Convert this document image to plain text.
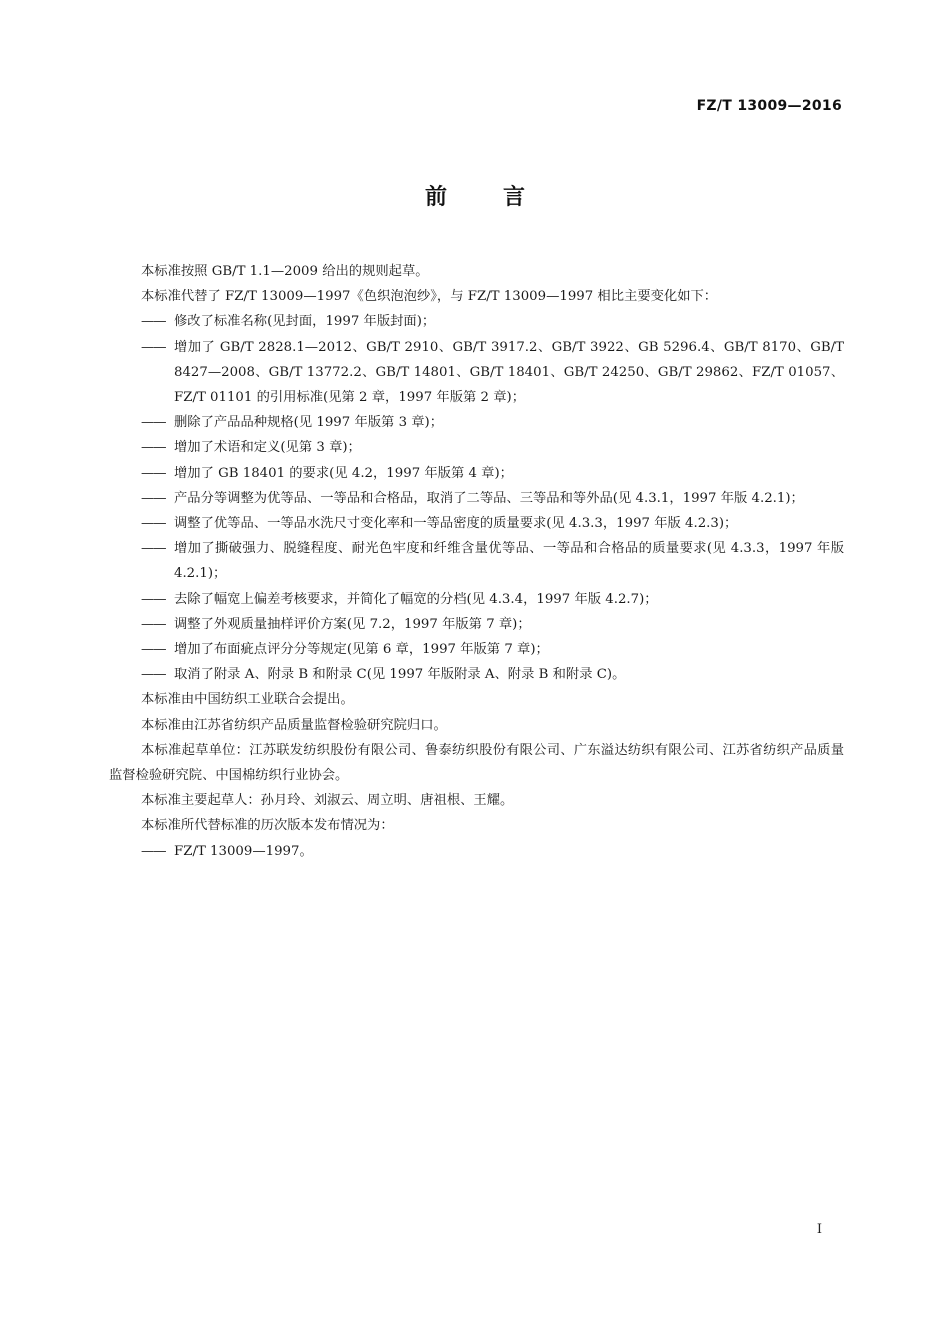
FZ/T 13009—2016
前言
本标准按照 GB/T 1.1—2009 给出的规则起草。
本标准代替了 FZ/T 13009—1997《色织泡泡纱》，与 FZ/T 13009—1997 相比主要变化如下：
—— 修改了标准名称(见封面，1997 年版封面)；
—— 增加了 GB/T 2828.1—2012、GB/T 2910、GB/T 3917.2、GB/T 3922、GB 5296.4、GB/T 8170、GB/T 8427—2008、GB/T 13772.2、GB/T 14801、GB/T 18401、GB/T 24250、GB/T 29862、FZ/T 01057、FZ/T 01101 的引用标准(见第 2 章，1997 年版第 2 章)；
—— 删除了产品品种规格(见 1997 年版第 3 章)；
—— 增加了术语和定义(见第 3 章)；
—— 增加了 GB 18401 的要求(见 4.2，1997 年版第 4 章)；
—— 产品分等调整为优等品、一等品和合格品，取消了二等品、三等品和等外品(见 4.3.1，1997 年版 4.2.1)；
—— 调整了优等品、一等品水洗尺寸变化率和一等品密度的质量要求(见 4.3.3，1997 年版 4.2.3)；
—— 增加了撕破强力、脱缝程度、耐光色牢度和纤维含量优等品、一等品和合格品的质量要求(见 4.3.3，1997 年版 4.2.1)；
—— 去除了幅宽上偏差考核要求，并简化了幅宽的分档(见 4.3.4，1997 年版 4.2.7)；
—— 调整了外观质量抽样评价方案(见 7.2，1997 年版第 7 章)；
—— 增加了布面疵点评分分等规定(见第 6 章，1997 年版第 7 章)；
—— 取消了附录 A、附录 B 和附录 C(见 1997 年版附录 A、附录 B 和附录 C)。
本标准由中国纺织工业联合会提出。
本标准由江苏省纺织产品质量监督检验研究院归口。
本标准起草单位：江苏联发纺织股份有限公司、鲁泰纺织股份有限公司、广东溢达纺织有限公司、江苏省纺织产品质量监督检验研究院、中国棉纺织行业协会。
本标准主要起草人：孙月玲、刘淑云、周立明、唐祖根、王耀。
本标准所代替标准的历次版本发布情况为：
—— FZ/T 13009—1997。
I
